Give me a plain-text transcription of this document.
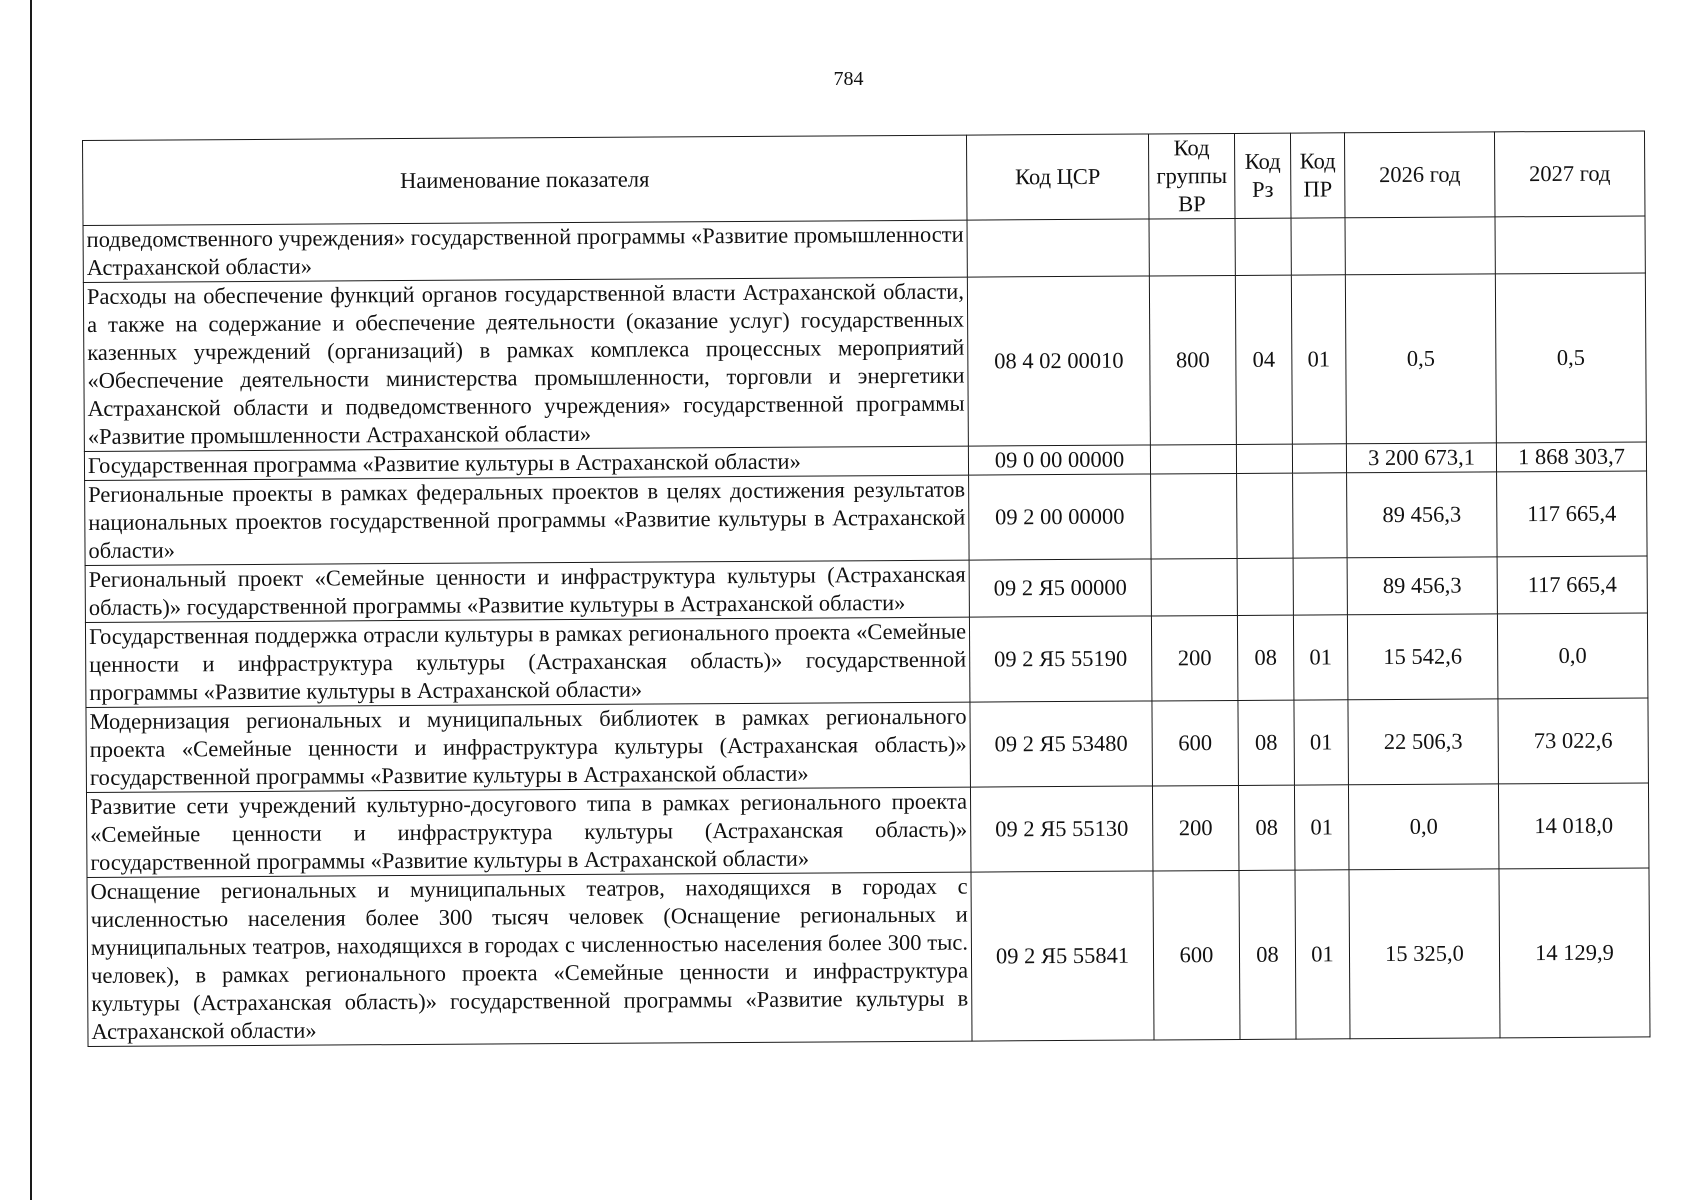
784
Наименование показателя	Код ЦСР	Код группы ВР	Код Рз	Код ПР	2026 год	2027 год
подведомственного учреждения» государственной программы «Развитие промышленности Астраханской области»						
Расходы на обеспечение функций органов государственной власти Астраханской области, а также на содержание и обеспечение деятельности (оказание услуг) государственных казенных учреждений (организаций) в рамках комплекса процессных мероприятий «Обеспечение деятельности министерства промышленности, торговли и энергетики Астраханской области и подведомственного учреждения» государственной программы «Развитие промышленности Астраханской области»	08 4 02 00010	800	04	01	0,5	0,5
Государственная программа «Развитие культуры в Астраханской области»	09 0 00 00000				3 200 673,1	1 868 303,7
Региональные проекты в рамках федеральных проектов в целях достижения результатов национальных проектов государственной программы «Развитие культуры в Астраханской области»	09 2 00 00000				89 456,3	117 665,4
Региональный проект «Семейные ценности и инфраструктура культуры (Астраханская область)» государственной программы «Развитие культуры в Астраханской области»	09 2 Я5 00000				89 456,3	117 665,4
Государственная поддержка отрасли культуры в рамках регионального проекта «Семейные ценности и инфраструктура культуры (Астраханская область)» государственной программы «Развитие культуры в Астраханской области»	09 2 Я5 55190	200	08	01	15 542,6	0,0
Модернизация региональных и муниципальных библиотек в рамках регионального проекта «Семейные ценности и инфраструктура культуры (Астраханская область)» государственной программы «Развитие культуры в Астраханской области»	09 2 Я5 53480	600	08	01	22 506,3	73 022,6
Развитие сети учреждений культурно-досугового типа в рамках регионального проекта «Семейные ценности и инфраструктура культуры (Астраханская область)» государственной программы «Развитие культуры в Астраханской области»	09 2 Я5 55130	200	08	01	0,0	14 018,0
Оснащение региональных и муниципальных театров, находящихся в городах с численностью населения более 300 тысяч человек (Оснащение региональных и муниципальных театров, находящихся в городах с численностью населения более 300 тыс. человек), в рамках регионального проекта «Семейные ценности и инфраструктура культуры (Астраханская область)» государственной программы «Развитие культуры в Астраханской области»	09 2 Я5 55841	600	08	01	15 325,0	14 129,9
